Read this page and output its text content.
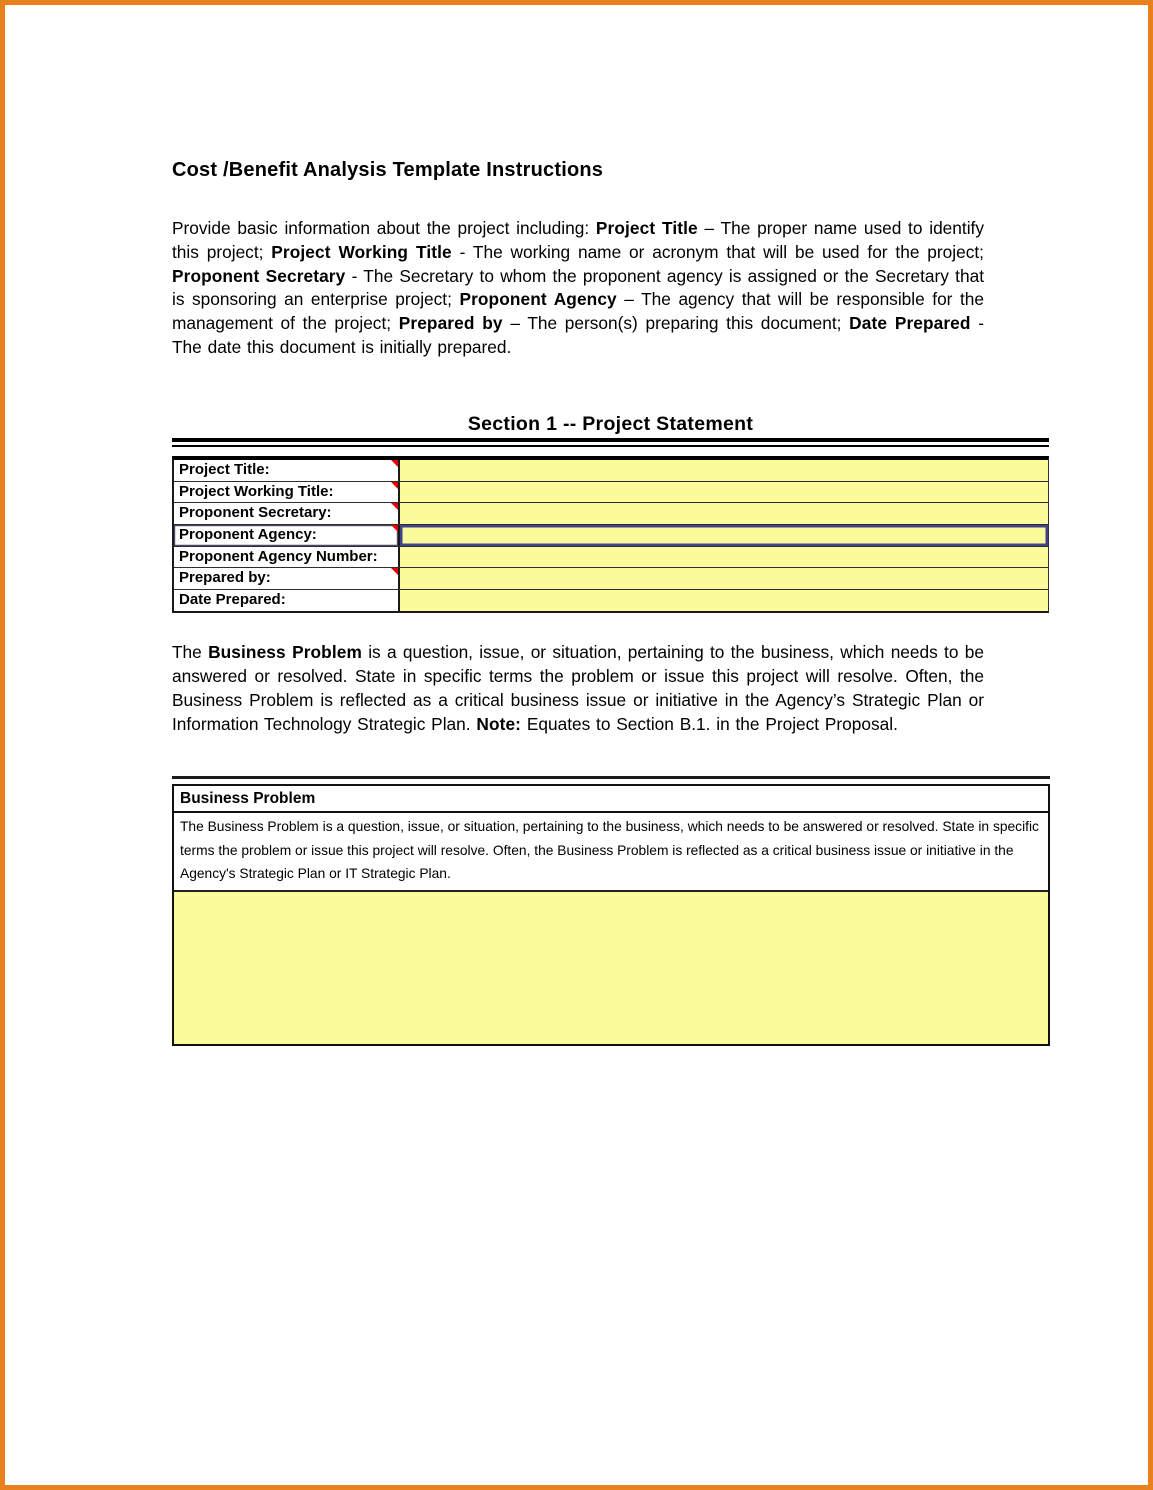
Cost /Benefit Analysis Template Instructions
Provide basic information about the project including: Project Title – The proper name used to identify this project; Project Working Title - The working name or acronym that will be used for the project; Proponent Secretary - The Secretary to whom the proponent agency is assigned or the Secretary that is sponsoring an enterprise project; Proponent Agency – The agency that will be responsible for the management of the project; Prepared by – The person(s) preparing this document; Date Prepared - The date this document is initially prepared.
Section 1 -- Project Statement
Project Title:
Project Working Title:
Proponent Secretary:
Proponent Agency:
Proponent Agency Number:
Prepared by:
Date Prepared:
The Business Problem is a question, issue, or situation, pertaining to the business, which needs to be answered or resolved. State in specific terms the problem or issue this project will resolve. Often, the Business Problem is reflected as a critical business issue or initiative in the Agency’s Strategic Plan or Information Technology Strategic Plan. Note: Equates to Section B.1. in the Project Proposal.
Business Problem
The Business Problem is a question, issue, or situation, pertaining to the business, which needs to be answered or resolved. State in specific terms the problem or issue this project will resolve. Often, the Business Problem is reflected as a critical business issue or initiative in the Agency's Strategic Plan or IT Strategic Plan.
